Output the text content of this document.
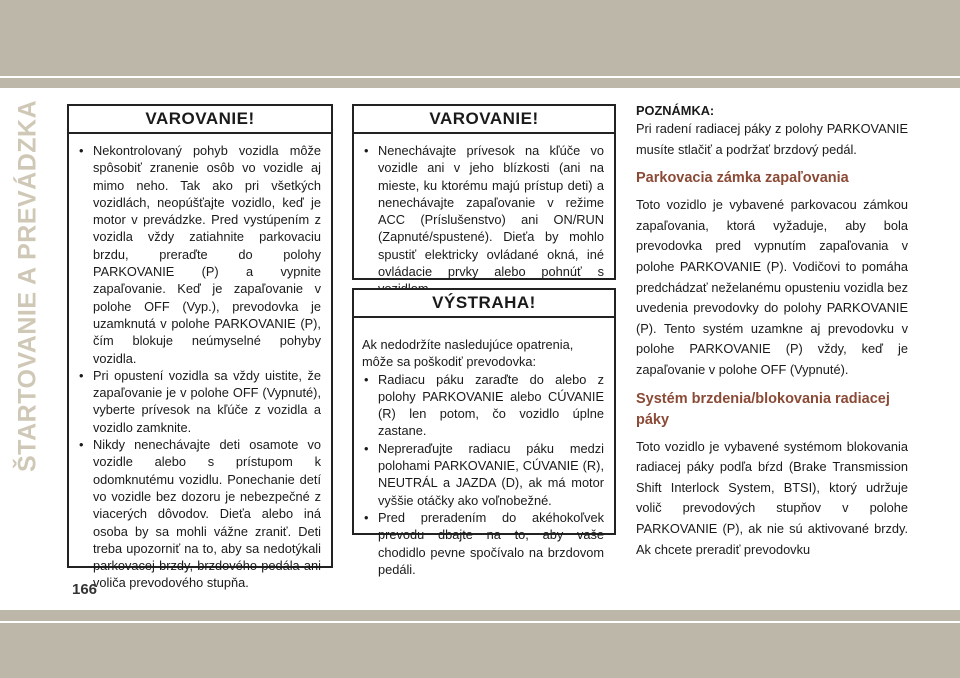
ŠTARTOVANIE A PREVÁDZKA	VAROVANIE!
• Nekontrolovaný pohyb vozidla môže spôsobiť zranenie osôb vo vozidle aj mimo neho. Tak ako pri všetkých vozidlách, neopúšťajte vozidlo, keď je motor v prevádzke. Pred vystúpením z vozidla vždy zatiahnite parkovaciu brzdu, preraďte do polohy PARKOVANIE (P) a vypnite zapaľovanie. Keď je zapaľovanie v polohe OFF (Vyp.), prevodovka je uzamknutá v polohe PARKOVANIE (P), čím blokuje neúmyselné pohyby vozidla.
• Pri opustení vozidla sa vždy uistite, že zapaľovanie je v polohe OFF (Vypnuté), vyberte prívesok na kľúče z vozidla a vozidlo zamknite.
• Nikdy nenechávajte deti osamote vo vozidle alebo s prístupom k odomknutému vozidlu. Ponechanie detí vo vozidle bez dozoru je nebezpečné z viacerých dôvodov. Dieťa alebo iná osoba by sa mohli vážne zraniť. Deti treba upozorniť na to, aby sa nedotýkali parkovacej brzdy, brzdového pedála ani voliča prevodového stupňa.
VAROVANIE!
• Nenechávajte prívesok na kľúče vo vozidle ani v jeho blízkosti (ani na mieste, ku ktorému majú prístup deti) a nenechávajte zapaľovanie v režime ACC (Príslušenstvo) ani ON/RUN (Zapnuté/spustené). Dieťa by mohlo spustiť elektricky ovládané okná, iné ovládacie prvky alebo pohnúť s
VÝSTRAHA!
Ak nedodržíte nasledujúce opatrenia, môže sa poškodiť prevodovka:
• Radiacu páku zaraďte do alebo z polohy PARKOVANIE alebo CÚVANIE (R) len potom, čo vozidlo úplne zastane.
• Nepreraďujte radiacu páku medzi polohami PARKOVANIE, CÚVANIE (R), NEUTRÁL a JAZDA (D), ak má motor vyššie otáčky ako voľnobežné.
• Pred preradením do akéhokoľvek prevodu dbajte na to, aby vaše chodidlo pevne spočívalo na brzdovom pedáli.
POZNÁMKA:

Pri radení radiacej páky z polohy PARKOVANIE musíte stlačiť a podržať brzdový pedál.

Parkovacia zámka zapaľovania

Toto vozidlo je vybavené parkovacou zámkou zapaľovania, ktorá vyžaduje, aby bola prevodovka pred vypnutím zapaľovania v polohe PARKOVANIE (P). Vodičovi to pomáha predchádzať neželanému opusteniu vozidla bez uvedenia prevodovky do polohy PARKOVANIE (P). Tento systém uzamkne aj prevodovku v polohe PARKOVANIE (P) vždy, keď je zapaľovanie v polohe OFF (Vypnuté).

Systém brzdenia/blokovania radiacej páky

Toto vozidlo je vybavené systémom blokovania radiacej páky podľa bŕzd (Brake Transmission Shift Interlock System, BTSI), ktorý udržuje volič prevodových stupňov v polohe PARKOVANIE (P), ak nie sú aktivované brzdy. Ak chcete preradiť prevodovku

166
